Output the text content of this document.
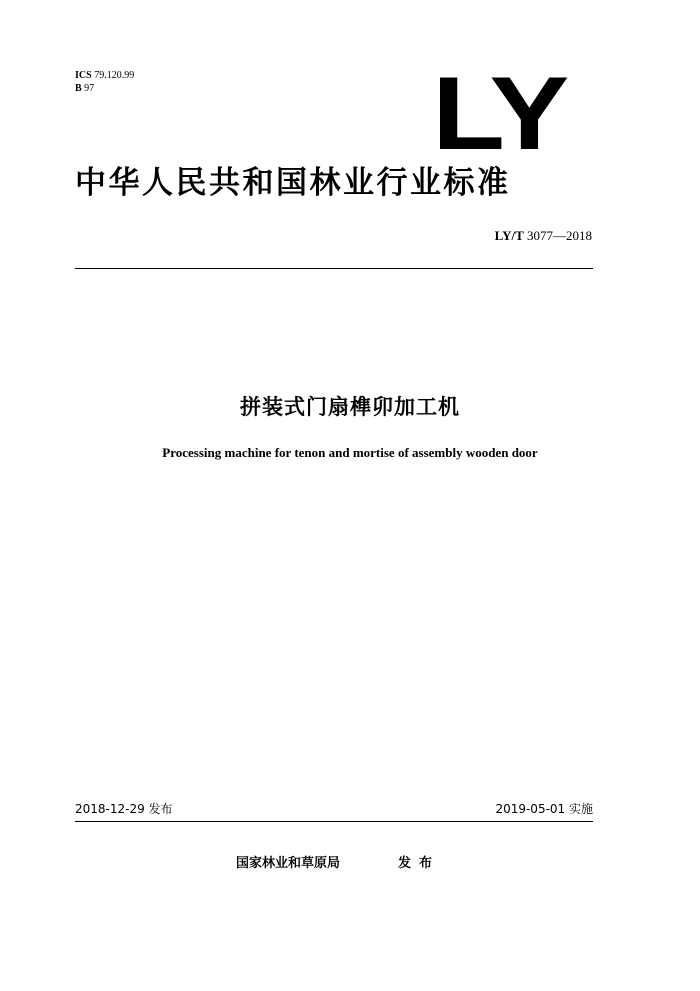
ICS 79.120.99
B 97	LY
中华人民共和国林业行业标准
LY/T 3077—2018
拼装式门扇榫卯加工机
Processing machine for tenon and mortise of assembly wooden door
2018-12-29 发布	2019-05-01 实施
国家林业和草原局	发布
